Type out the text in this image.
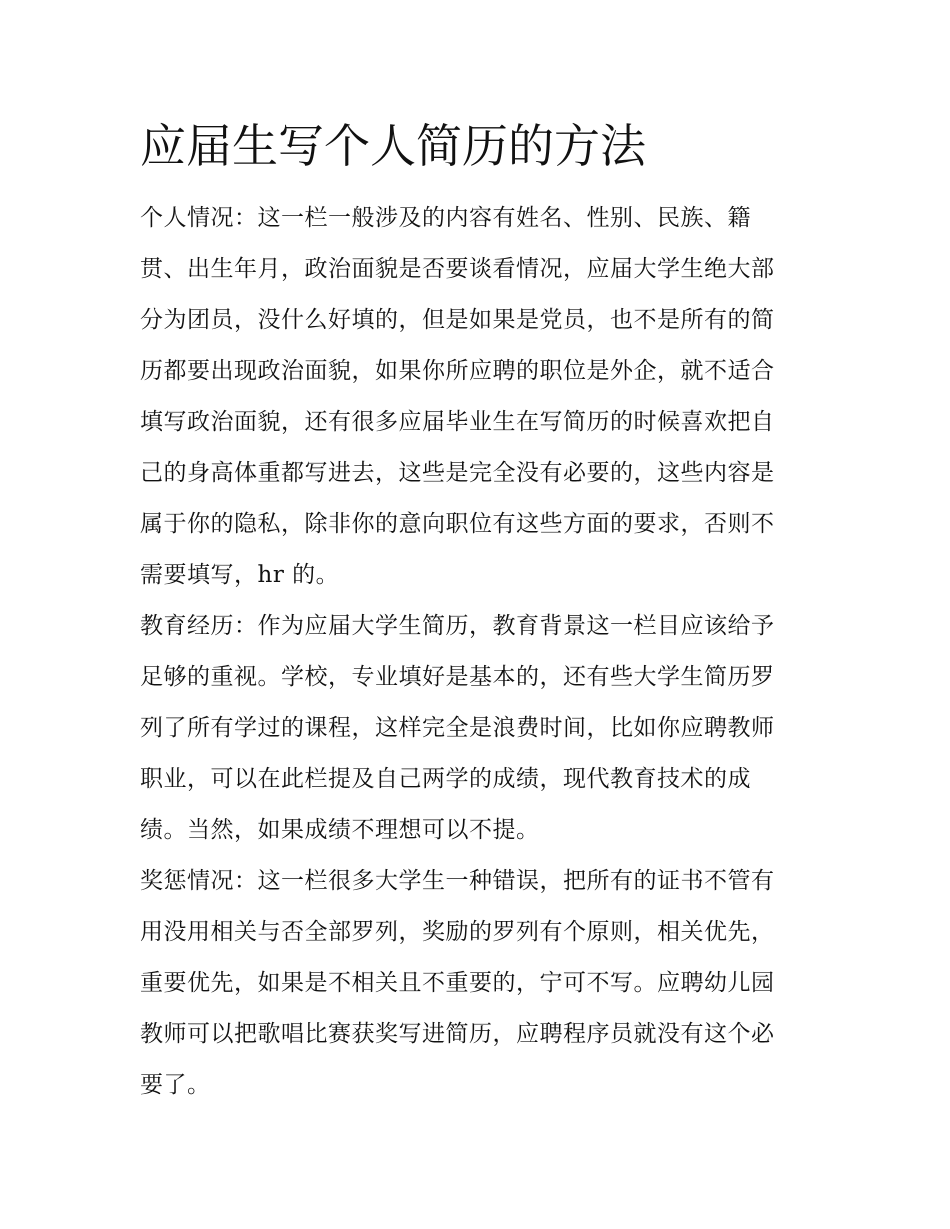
应届生写个人简历的方法

个人情况：这一栏一般涉及的内容有姓名、性别、民族、籍
贯、出生年月，政治面貌是否要谈看情况，应届大学生绝大部
分为团员，没什么好填的，但是如果是党员，也不是所有的简
历都要出现政治面貌，如果你所应聘的职位是外企，就不适合
填写政治面貌，还有很多应届毕业生在写简历的时候喜欢把自
己的身高体重都写进去，这些是完全没有必要的，这些内容是
属于你的隐私，除非你的意向职位有这些方面的要求，否则不
需要填写，hr 的。

教育经历：作为应届大学生简历，教育背景这一栏目应该给予
足够的重视。学校，专业填好是基本的，还有些大学生简历罗
列了所有学过的课程，这样完全是浪费时间，比如你应聘教师
职业，可以在此栏提及自己两学的成绩，现代教育技术的成
绩。当然，如果成绩不理想可以不提。

奖惩情况：这一栏很多大学生一种错误，把所有的证书不管有
用没用相关与否全部罗列，奖励的罗列有个原则，相关优先，
重要优先，如果是不相关且不重要的，宁可不写。应聘幼儿园
教师可以把歌唱比赛获奖写进简历，应聘程序员就没有这个必
要了。
